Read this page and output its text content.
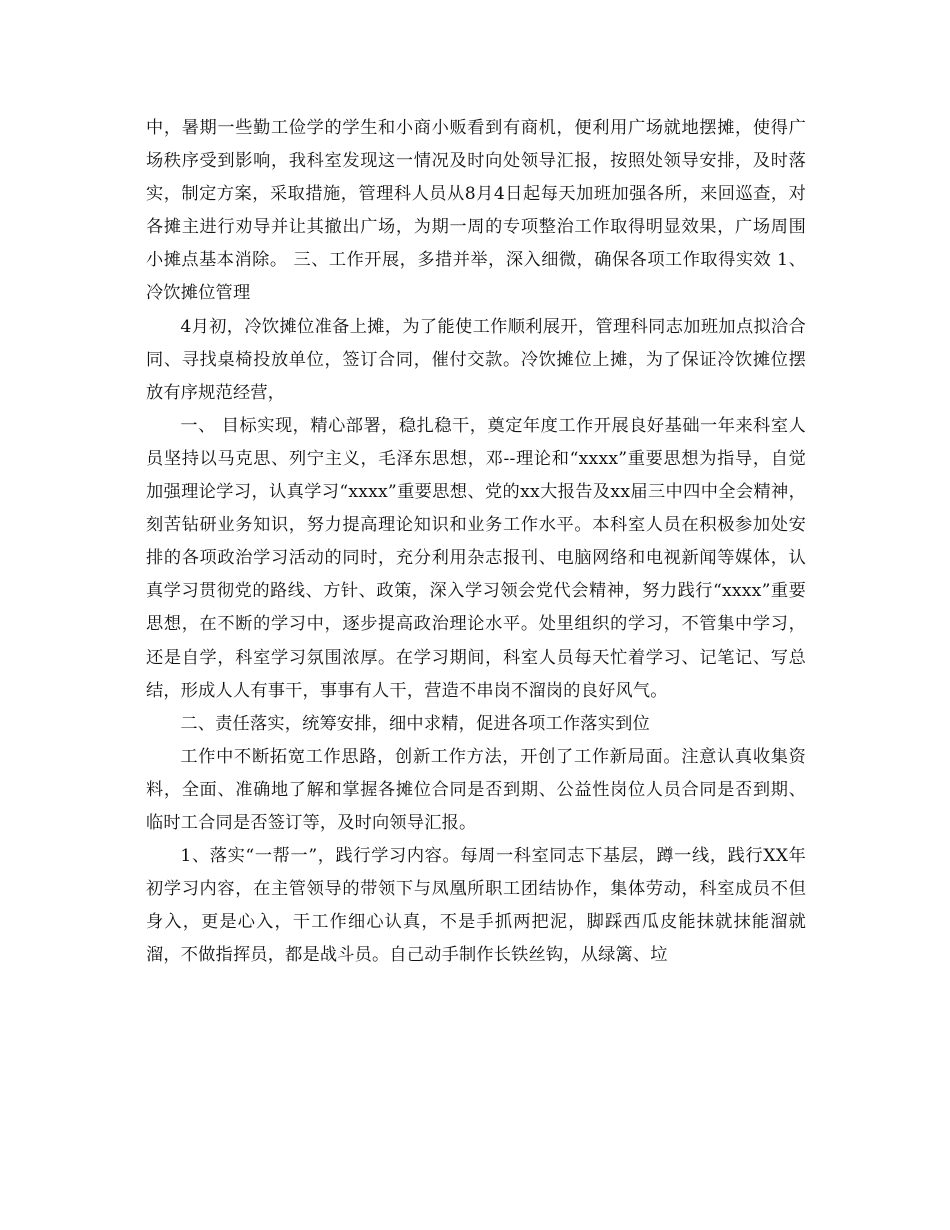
中，暑期一些勤工俭学的学生和小商小贩看到有商机，便利用广场就地摆摊，使得广场秩序受到影响，我科室发现这一情况及时向处领导汇报，按照处领导安排，及时落实，制定方案，采取措施，管理科人员从8月4日起每天加班加强各所，来回巡查，对各摊主进行劝导并让其撤出广场，为期一周的专项整治工作取得明显效果，广场周围小摊点基本消除。 三、工作开展，多措并举，深入细微，确保各项工作取得实效 1、冷饮摊位管理

4月初，冷饮摊位准备上摊，为了能使工作顺利展开，管理科同志加班加点拟洽合同、寻找桌椅投放单位，签订合同，催付交款。冷饮摊位上摊，为了保证冷饮摊位摆放有序规范经营，

一、 目标实现，精心部署，稳扎稳干，奠定年度工作开展良好基础一年来科室人员坚持以马克思、列宁主义，毛泽东思想，邓--理论和“xxxx”重要思想为指导，自觉加强理论学习，认真学习“xxxx”重要思想、党的xx大报告及xx届三中四中全会精神，刻苦钻研业务知识，努力提高理论知识和业务工作水平。本科室人员在积极参加处安排的各项政治学习活动的同时，充分利用杂志报刊、电脑网络和电视新闻等媒体，认真学习贯彻党的路线、方针、政策，深入学习领会党代会精神，努力践行“xxxx”重要思想，在不断的学习中，逐步提高政治理论水平。处里组织的学习，不管集中学习，还是自学，科室学习氛围浓厚。在学习期间，科室人员每天忙着学习、记笔记、写总结，形成人人有事干，事事有人干，营造不串岗不溜岗的良好风气。

二、责任落实，统筹安排，细中求精，促进各项工作落实到位

工作中不断拓宽工作思路，创新工作方法，开创了工作新局面。注意认真收集资料，全面、准确地了解和掌握各摊位合同是否到期、公益性岗位人员合同是否到期、临时工合同是否签订等，及时向领导汇报。

1、落实“一帮一”，践行学习内容。每周一科室同志下基层，蹲一线，践行XX年初学习内容，在主管领导的带领下与凤凰所职工团结协作，集体劳动，科室成员不但身入，更是心入，干工作细心认真，不是手抓两把泥，脚踩西瓜皮能抹就抹能溜就溜，不做指挥员，都是战斗员。自己动手制作长铁丝钩，从绿篱、垃
